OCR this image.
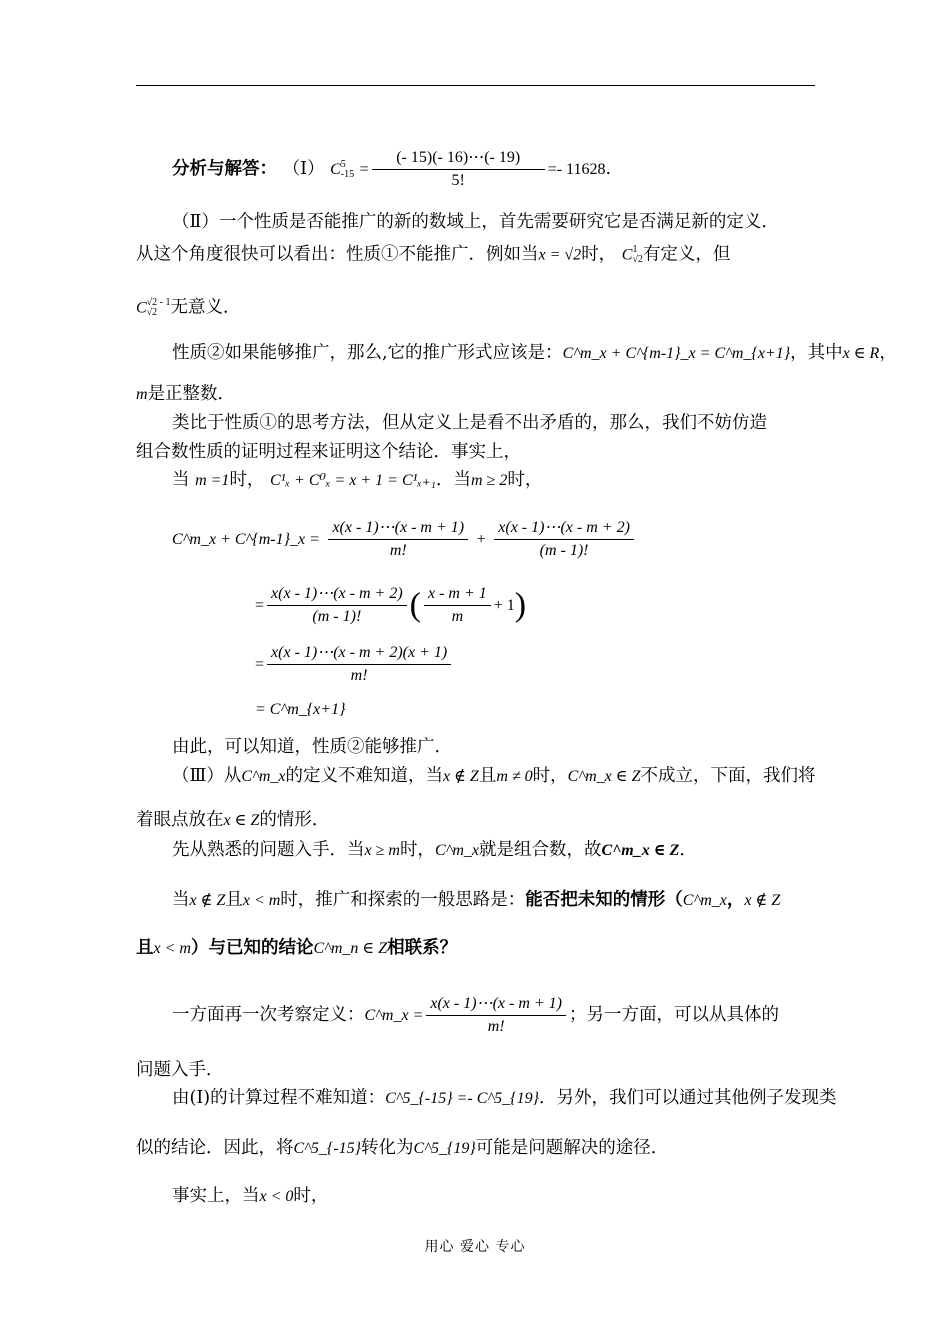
分析与解答： （Ⅰ） C 5
$-15 = \frac{(- 15)(- 16)\cdots(- 19)}{5!} =- 11628$.
（Ⅱ）一个性质是否能推广的新的数域上，首先需要研究它是否满足新的定义．
从这个角度很快可以看出：性质①不能推广．例如当x = √2时， C 1
√2 有定义，但
C √2 - 1
√2 无意义．
性质②如果能够推广，那么,它的推广形式应该是：C^m_x + C^{m-1}_x = C^m_{x+1}，其中x ∈ R，
m是正整数．
类比于性质①的思考方法，但从定义上是看不出矛盾的，那么，我们不妨仿造
组合数性质的证明过程来证明这个结论．事实上，
当 m =1时， C¹ₓ + C⁰ₓ = x + 1 = C¹ₓ₊₁．当m ≥ 2时，
C^m_x + C^{m-1}_x = $\frac{x(x - 1)\cdots(x - m + 1)}{m!} + \frac{x(x - 1)\cdots(x - m + 2)}{(m - 1)!}$
= $\frac{x(x - 1)\cdots(x - m + 2)}{(m - 1)!}$ ( $\frac{x - m + 1}{m} + 1$)
= $\frac{x(x - 1)\cdots(x - m + 2)(x + 1)}{m!}$
= C^m_{x+1}
由此，可以知道，性质②能够推广．
（Ⅲ）从C^m_x的定义不难知道，当x ∉ Z且m ≠ 0时，C^m_x ∈ Z不成立，下面，我们将
着眼点放在x ∈ Z的情形．
先从熟悉的问题入手．当x ≥ m时，C^m_x就是组合数，故C^m_x ∈ Z．
当x ∉ Z且x < m时，推广和探索的一般思路是：能否把未知的情形（C^m_x，x ∉ Z
且x < m）与已知的结论C^m_n ∈ Z相联系？
一方面再一次考察定义：C^m_x = $\frac{x(x - 1)\cdots(x - m + 1)}{m!}$ ；另一方面，可以从具体的
问题入手．
由(Ⅰ)的计算过程不难知道：C^5_{-15} =- C^5_{19}．另外，我们可以通过其他例子发现类
似的结论．因此，将C^5_{-15}转化为C^5_{19}可能是问题解决的途径．
事实上，当x < 0时，
用心 爱心 专心
